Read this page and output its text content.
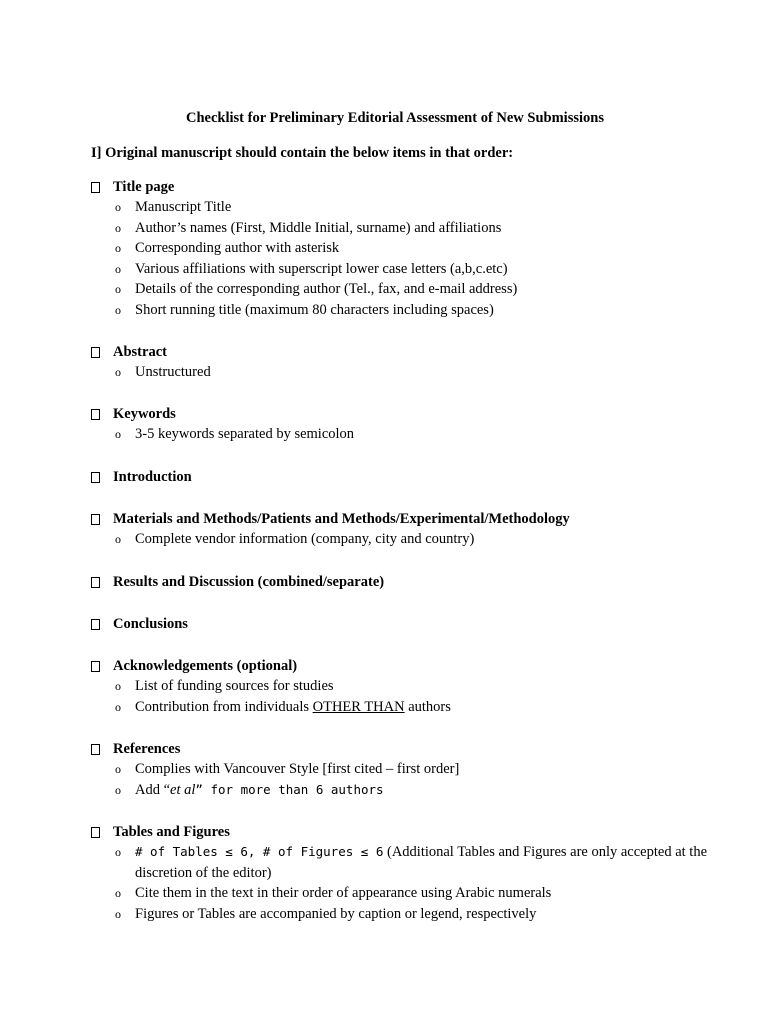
Checklist for Preliminary Editorial Assessment of New Submissions
I] Original manuscript should contain the below items in that order:
Title page
o Manuscript Title
o Author’s names (First, Middle Initial, surname) and affiliations
o Corresponding author with asterisk
o Various affiliations with superscript lower case letters (a,b,c.etc)
o Details of the corresponding author (Tel., fax, and e-mail address)
o Short running title (maximum 80 characters including spaces)
Abstract
o Unstructured
Keywords
o 3-5 keywords separated by semicolon
Introduction
Materials and Methods/Patients and Methods/Experimental/Methodology
o Complete vendor information (company, city and country)
Results and Discussion (combined/separate)
Conclusions
Acknowledgements (optional)
o List of funding sources for studies
o Contribution from individuals OTHER THAN authors
References
o Complies with Vancouver Style [first cited – first order]
o Add “et al” for more than 6 authors
Tables and Figures
o # of Tables ≤ 6, # of Figures ≤ 6 (Additional Tables and Figures are only accepted at the discretion of the editor)
o Cite them in the text in their order of appearance using Arabic numerals
o Figures or Tables are accompanied by caption or legend, respectively
